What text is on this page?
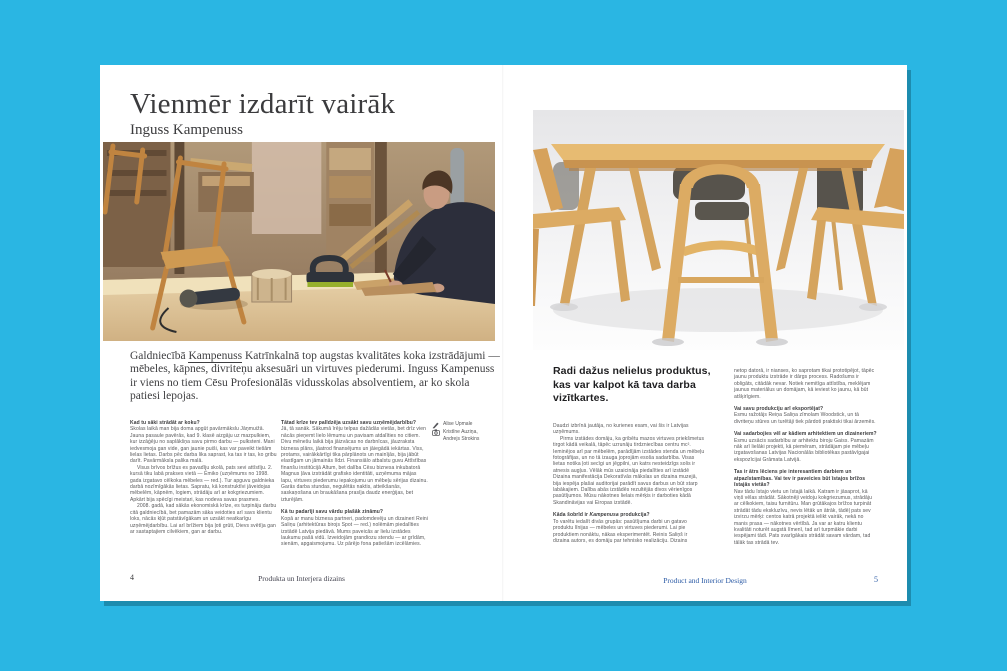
Vienmēr izdarīt vairāk
Inguss Kampenuss
Galdniecībā Kampenuss Katrīnkalnā top augstas kvalitātes koka izstrādājumi — mēbeles, kāpnes, divriteņu aksesuāri un virtuves piederumi. Inguss Kampenuss ir viens no tiem Cēsu Profesionālās vidusskolas absolventiem, ar ko skola patiesi lepojas.

Kad tu sāki strādāt ar koku?

Skolas laikā man bija doma apgūt pavārmākslu Jāņmuižā. Jauna pasaule pavērās, kad 9. klasē aizgāju uz mazpulkiem, kur izzāģēju no saplākšņa savu pirmo darbu — pulksteni. Mani iedvesmoja gan vide, gan jaunie puiši, kas var paveikt tiešām lielas lietas. Darbs pēc darba lika saprast, ka tas ir tas, ko gribu darīt. Pavārmāksla palika malā.

Visus brīvos brīžus es pavadīju skolā, pats sevi attīstīju. 2. kursā tiku labā prakses vietā — Ēmiko (uzņēmums no 1998. gada izgatavo cēlkoka mēbeles — red.). Tur apguvu galdnieka darbā nozīmīgākās lietas. Sapratu, kā konstruktīvi jāveidojas mēbelēm, kāpnēm, logiem, strādāju arī ar kokgriezumiem. Apkārt bija spēcīgi meistari, kas nodeva savas prasmes.

2008. gadā, kad sākās ekonomiskā krīze, es turpināju darbu citā galdniecībā, bet pamazām sāka veidoties arī savs klientu loks, nācās kļūt patstāvīgākam un uzsākt neatkarīgu uzņēmējdarbību. Lai arī brīžiem bija ļoti grūti, Dievs svētīja gan ar sastaptajiem cilvēkiem, gan ar darbu.

Tātad krīze tev palīdzēja uzsākt savu uzņēmējdarbību?

Jā, tā sanāk. Sākumā īrēju telpas dažādās vietās, bet drīz vien nācās pieņemt lielo lēmumu un pavisam atdalīties no citiem. Divu mēnešu laikā bija jāizvācas no darbnīcas, jāuzraksta biznesa plāns, jāatrod finansējums un jāiegādā iekārtas. Viss, protams, vairākkārtīgi tika pārplānots un mainījās, bija jābūt elastīgam un jāmainās līdzi. Finansiālo atbalstu guvu Attīstības finanšu institūcijā Altum, bet dalība Cēsu biznesa inkubatorā Magnus ļāva izstrādāt grafisko identitāti, uzņēmuma mājas lapu, virtuves piederumu iepakojumu un mēbeļu sērijas dizainu. Garās darba stundas, negulētās naktis, atteikšanās, saskaņošana un braukāšana prasīja daudz enerģijas, bet izturējām.

Kā tu padarīji savu vārdu plašāk zināmu?

Kopā ar manu biznesa partneri, padomdevēju un dizaineri Reini Saliņu (arhitektūras birojs Spot — red.) nolēmām piedalīties izstādē Latvija piedāvā. Mums paveicās ar lielu izstādes laukumu pašā vidū. Izveidojām grandiozu stendu — ar grīdām, sienām, apgaismojumu. Uz pārējo fona patiešām izcēlāmies.

Alise Upmale
Kristīne Auziņa,
Andrejs Strokins
4	Produkta un Interjera dizains
Radi dažus nelielus produktus, kas var kalpot kā tava darba vizītkartes.

Daudzi izbrīnā jautāja, no kurienes esam, vai šis ir Latvijas uzņēmums.

Pirms izstādes domāju, ka gribētu mazos virtuves priekšmetus tirgot kādā veikalā, tāpēc uzrunāju tirdzniecības centru mc². Ieminējos arī par mēbelēm, parādījām izstādes stenda un mēbeļu fotogrāfijas, un no tā izauga joprojām esoša sadarbība. Visas lietas notika ļoti secīgi un jēgpilni, un katrs nesteidzīgs solis ir atnesis augļus. Vēlāk mūs uzaicināja piedalīties arī izstādē Dizaina manifestācija Dekoratīvās mākslas un dizaina muzejā, bija iespēja plašai auditorijai parādīt savus darbus un būt starp labākajiem. Dalība abās izstādēs rezultējās divos vērienīgos pasūtījumos. Mūsu nākotnes lielais mērķis ir darboties kādā Skandināvijas vai Eiropas izstādē.

Kāda šobrīd ir Kampenusa produkcija?

To varētu iedalīt divās grupās: pasūtījuma darbi un gatavo produktu līnijas — mēbeles un virtuves piederumi. Lai pie produktiem nonāktu, nākas eksperimentēt. Reinis Saliņš ir dizaina autors, es domāju par tehnisko realizāciju. Dizains

netop datorā, ir nianses, ko saprotam tikai prototipējot, tāpēc jaunu produktu izstrāde ir dārgs process. Radošums ir obligāts, citādāk nevar. Notiek nemitīga attīstība, meklējam jaunus materiālus un domājam, kā ieviest ko jaunu, kā būt atšķirīgiem.

Vai savu produkciju arī eksportējat?

Esmu ražotājs Reiņa Saliņa zīmolam Woodstick, un tā divriteņu stūres un turētāji tiek pārdoti praktiski tikai ārzemēs.

Vai sadarbojies vēl ar kādiem arhitektiem un dizaineriem?

Esmu uzsācis sadarbību ar arhitektu biroju Gaiss. Pamazām nāk arī lielāki projekti, kā piemēram, strādājam pie mēbeļu izgatavošanas Latvijas Nacionālās bibliotēkas pastāvīgajai ekspozīcijai Grāmata Latvijā.

Tas ir ātrs lēciens pie interesantiem darbiem un atpazīstamības. Vai tev ir paveicies būt īstajos brīžos īstajās vietās?

Nav tādu īstajo vietu un īstajā laikā. Katram ir jāsaprot, kā viņš vēlas strādāt. Sākotnēji veidoju kokgriezumus, strādāju ar cēlkokiem, taisu furnitūru. Man grūtākajos brīžos turpināt strādāt tādu ekskluzīvu, nevis lētāk un ātrāk, tādēļ pats sev izvirzu mērķi: centos katrā projektā ielikt vairāk, nekā no manis prasa — nākotnes vērtībā. Ja var ar katru klientu kvalitāti noturēt augstā līmenī, tad arī turpmākie darbi iespējami tādi. Pats svarīgākais strādāt savam vārdam, tad tālāk tas strādā tev.

Product and Interior Design	5
